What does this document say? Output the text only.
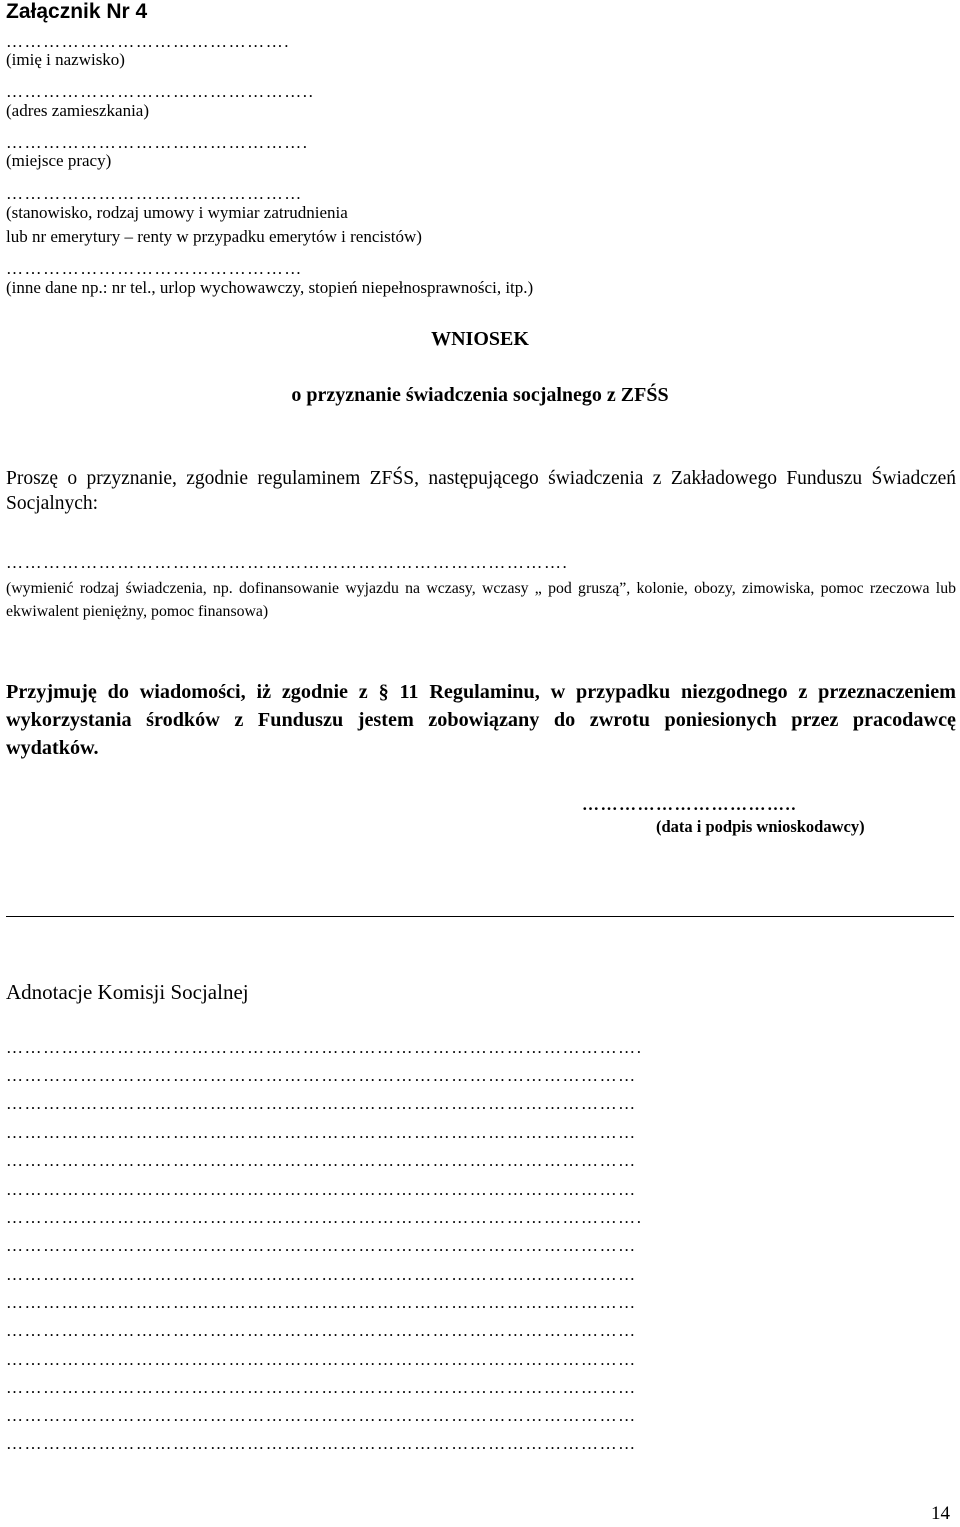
Załącznik Nr 4
……………………………………….
(imię i nazwisko)
…………………………………………..
(adres zamieszkania)
………………………………………….
(miejsce pracy)
…………………………………………
(stanowisko, rodzaj umowy i wymiar zatrudnienia
lub nr emerytury – renty w przypadku emerytów i rencistów)
…………………………………………
(inne dane np.: nr tel., urlop wychowawczy, stopień niepełnosprawności, itp.)
WNIOSEK
o przyznanie świadczenia socjalnego z ZFŚS
Proszę o przyznanie, zgodnie regulaminem ZFŚS, następującego świadczenia z Zakładowego Funduszu Świadczeń Socjalnych:
……………………………………………………………………………….
(wymienić rodzaj świadczenia, np. dofinansowanie wyjazdu na wczasy, wczasy „ pod gruszą”, kolonie, obozy, zimowiska, pomoc rzeczowa lub ekwiwalent pieniężny, pomoc finansowa)
Przyjmuję do wiadomości, iż zgodnie z § 11 Regulaminu, w przypadku niezgodnego z przeznaczeniem wykorzystania środków z Funduszu jestem zobowiązany do zwrotu poniesionych przez pracodawcę wydatków.
……………………………..
(data i podpis wnioskodawcy)
Adnotacje Komisji Socjalnej
………………………………………………………………………………………….
…………………………………………………………………………………………
…………………………………………………………………………………………
…………………………………………………………………………………………
…………………………………………………………………………………………
…………………………………………………………………………………………
………………………………………………………………………………………….
…………………………………………………………………………………………
…………………………………………………………………………………………
…………………………………………………………………………………………
…………………………………………………………………………………………
…………………………………………………………………………………………
…………………………………………………………………………………………
…………………………………………………………………………………………
…………………………………………………………………………………………
14
